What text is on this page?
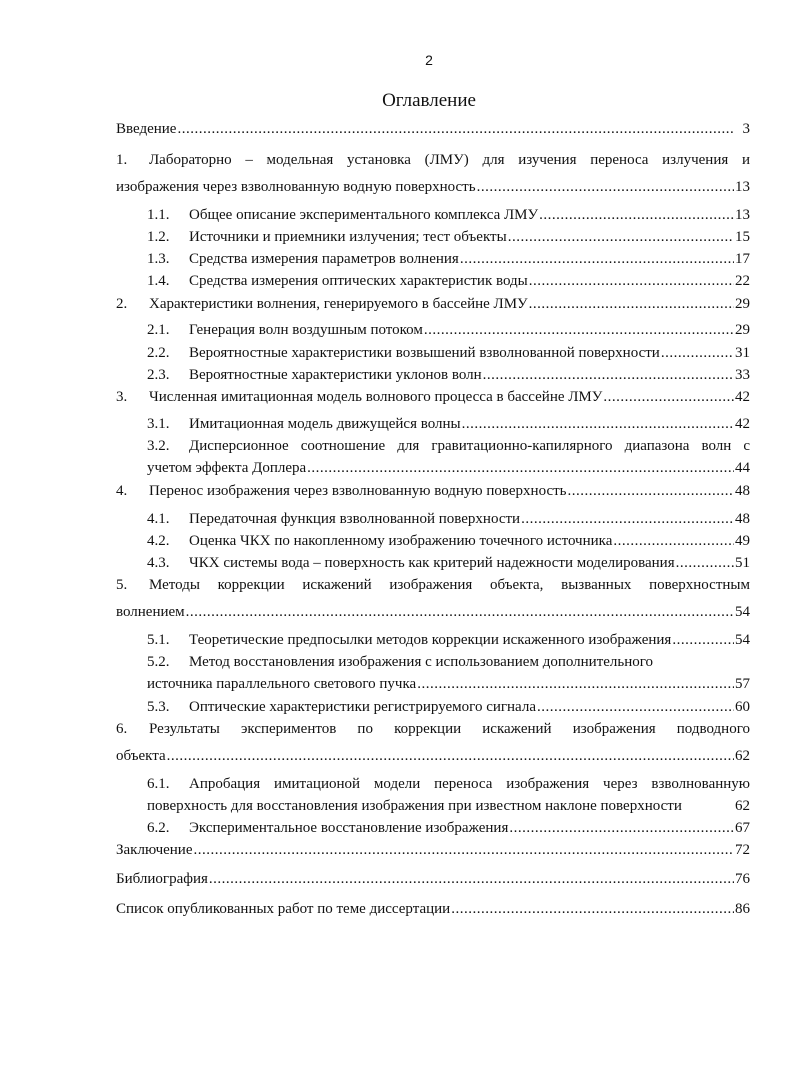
2
Оглавление
Введение .....	3
1.	Лабораторно – модельная установка (ЛМУ) для изучения переноса излучения и
изображения через взволнованную водную поверхность .....	13
1.1.	Общее описание экспериментального комплекса ЛМУ .....	13
1.2.	Источники и приемники излучения; тест объекты .....	15
1.3.	Средства измерения параметров волнения .....	17
1.4.	Средства измерения оптических характеристик воды .....	22
2.	Характеристики волнения, генерируемого в бассейне ЛМУ .....	29
2.1.	Генерация волн воздушным потоком .....	29
2.2.	Вероятностные характеристики возвышений взволнованной поверхности .....	31
2.3.	Вероятностные характеристики уклонов волн .....	33
3.	Численная имитационная модель волнового процесса в бассейне ЛМУ .....	42
3.1.	Имитационная модель движущейся волны .....	42
3.2.	Дисперсионное соотношение для гравитационно-капилярного диапазона волн с
учетом эффекта Доплера .....	44
4.	Перенос изображения через взволнованную водную поверхность .....	48
4.1.	Передаточная функция взволнованной поверхности .....	48
4.2.	Оценка ЧКХ по накопленному изображению точечного источника .....	49
4.3.	ЧКХ системы вода – поверхность как критерий надежности моделирования .....	51
5.	Методы коррекции искажений изображения объекта, вызванных поверхностным
волнением .....	54
5.1.	Теоретические предпосылки методов коррекции искаженного изображения .....	54
5.2.	Метод восстановления изображения с использованием дополнительного
источника параллельного светового пучка .....	57
5.3.	Оптические характеристики регистрируемого сигнала .....	60
6.	Результаты экспериментов по коррекции искажений изображения подводного
объекта .....	62
6.1.	Апробация имитационой модели переноса изображения через взволнованную
поверхность для восстановления изображения при известном наклоне поверхности	62
6.2.	Экспериментальное восстановление изображения .....	67
Заключение .....	72
Библиография .....	76
Список опубликованных работ по теме диссертации .....	86
